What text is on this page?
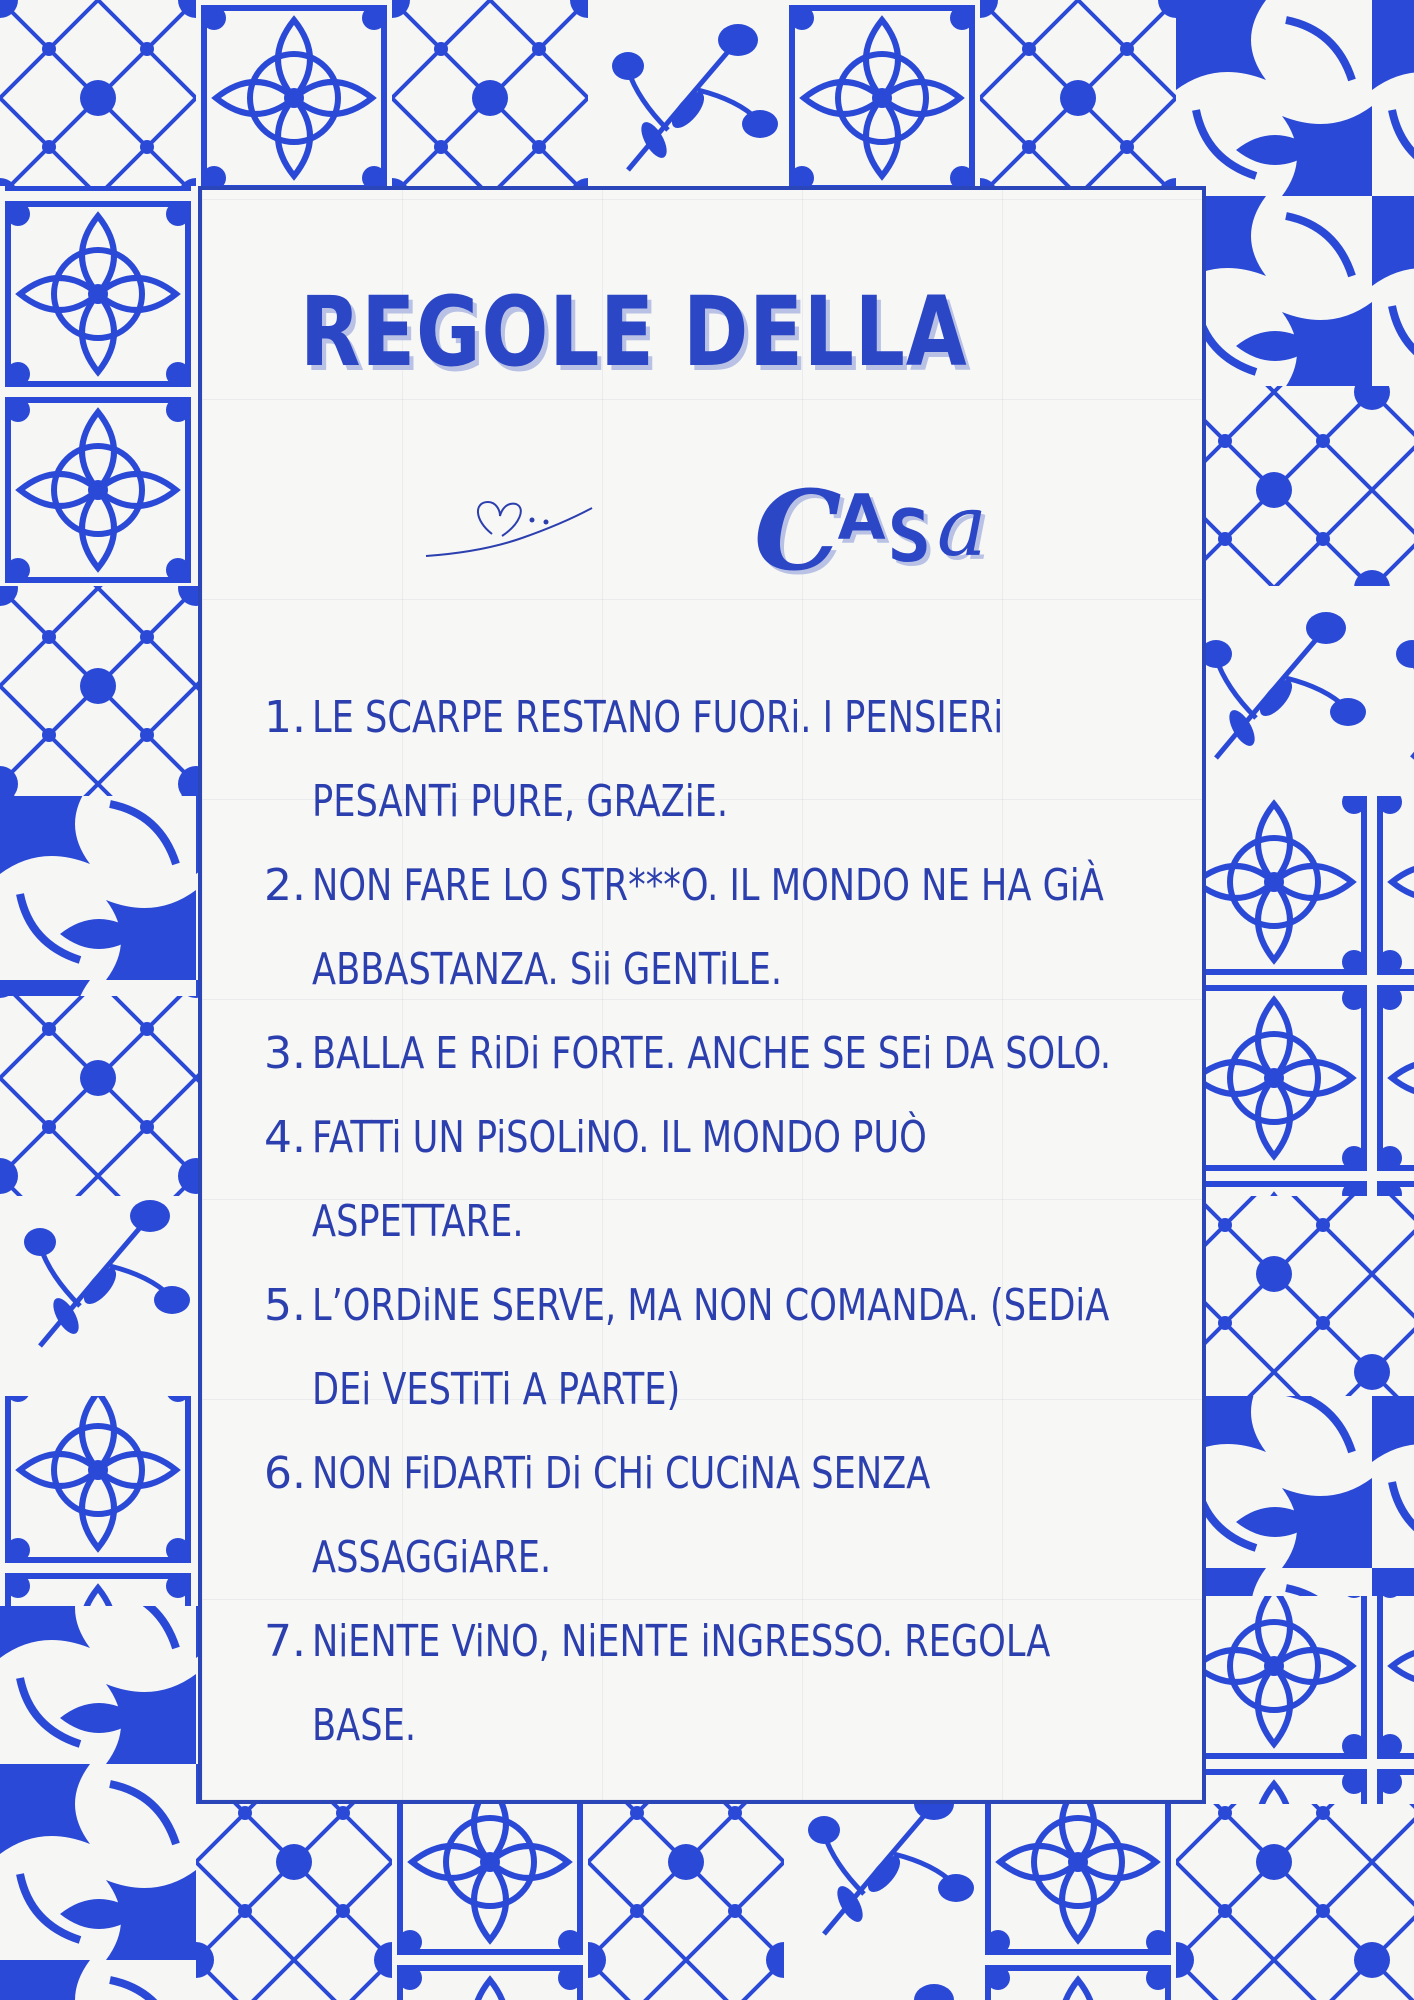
REGOLE DELLA
CASa
1. LE SCARPE RESTANO FUORi. I PENSIERi PESANTi PURE, GRAZiE.
2. NON FARE LO STR***O. IL MONDO NE HA GiÀ ABBASTANZA. Sii GENTiLE.
3. BALLA E RiDi FORTE. ANCHE SE SEi DA SOLO.
4. FATTi UN PiSOLiNO. IL MONDO PUÒ ASPETTARE.
5. L’ORDiNE SERVE, MA NON COMANDA. (SEDiA DEi VESTiTi A PARTE)
6. NON FiDARTi Di CHi CUCiNA SENZA ASSAGGiARE.
7. NiENTE ViNO, NiENTE iNGRESSO. REGOLA BASE.
